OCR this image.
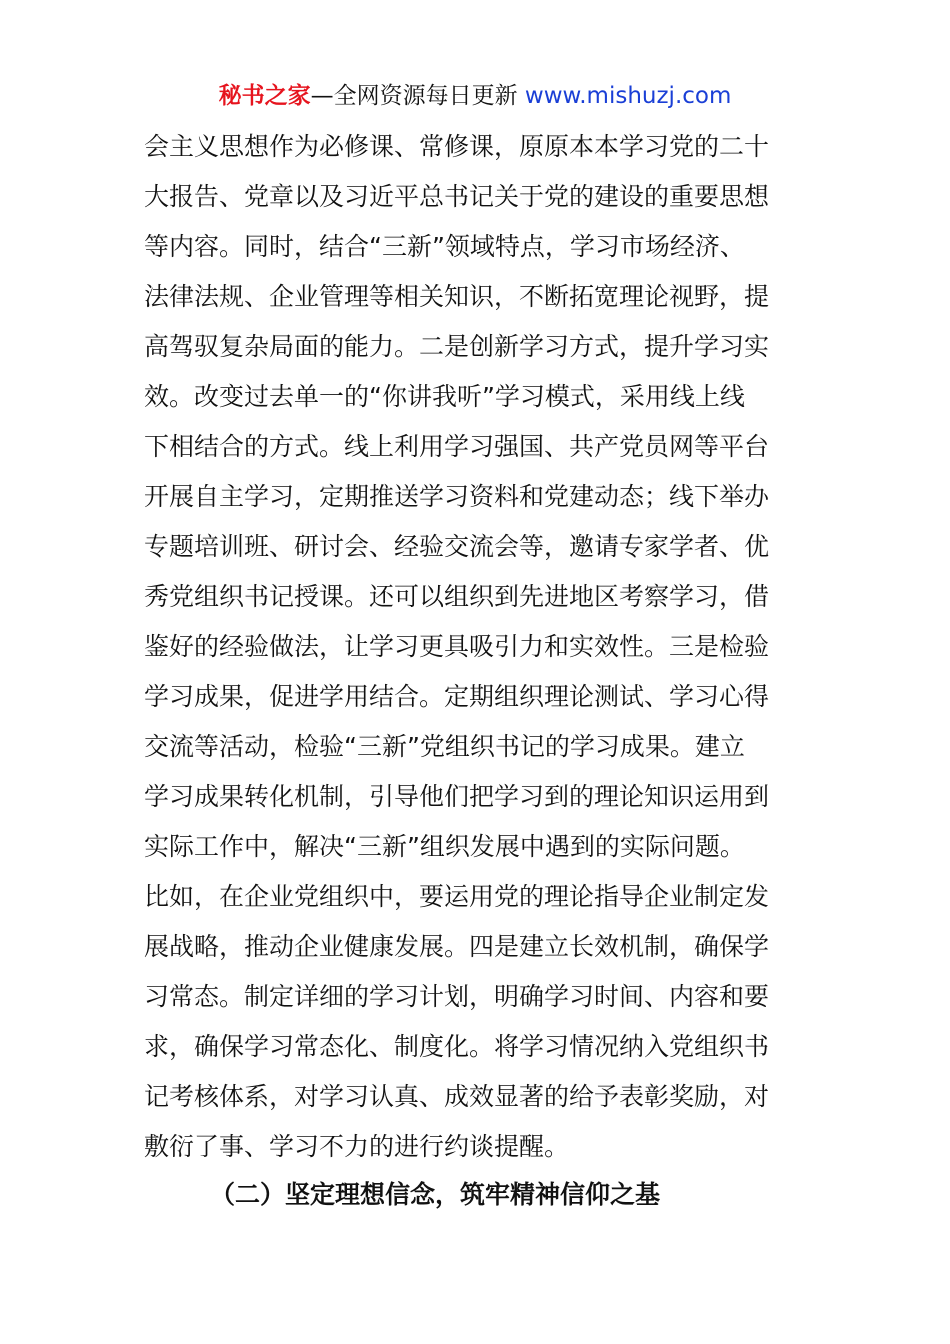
秘书之家—全网资源每日更新 www.mishuzj.com
会主义思想作为必修课、常修课，原原本本学习党的二十
大报告、党章以及习近平总书记关于党的建设的重要思想
等内容。同时，结合“三新”领域特点，学习市场经济、
法律法规、企业管理等相关知识，不断拓宽理论视野，提
高驾驭复杂局面的能力。二是创新学习方式，提升学习实
效。改变过去单一的“你讲我听”学习模式，采用线上线
下相结合的方式。线上利用学习强国、共产党员网等平台
开展自主学习，定期推送学习资料和党建动态；线下举办
专题培训班、研讨会、经验交流会等，邀请专家学者、优
秀党组织书记授课。还可以组织到先进地区考察学习，借
鉴好的经验做法，让学习更具吸引力和实效性。三是检验
学习成果，促进学用结合。定期组织理论测试、学习心得
交流等活动，检验“三新”党组织书记的学习成果。建立
学习成果转化机制，引导他们把学习到的理论知识运用到
实际工作中，解决“三新”组织发展中遇到的实际问题。
比如，在企业党组织中，要运用党的理论指导企业制定发
展战略，推动企业健康发展。四是建立长效机制，确保学
习常态。制定详细的学习计划，明确学习时间、内容和要
求，确保学习常态化、制度化。将学习情况纳入党组织书
记考核体系，对学习认真、成效显著的给予表彰奖励，对
敷衍了事、学习不力的进行约谈提醒。
（二）坚定理想信念，筑牢精神信仰之基
